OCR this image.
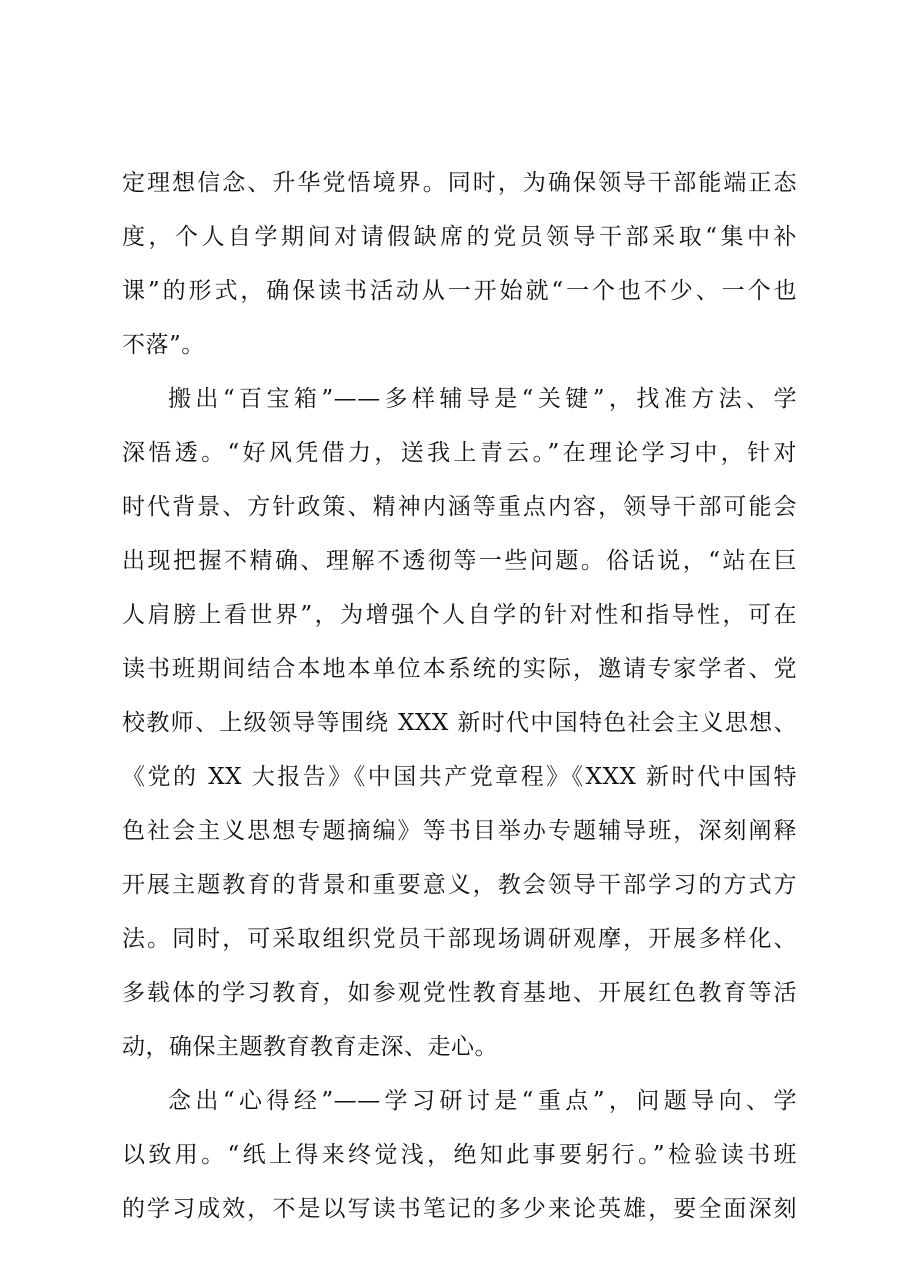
定理想信念、升华党悟境界。同时，为确保领导干部能端正态
度，个人自学期间对请假缺席的党员领导干部采取“集中补
课”的形式，确保读书活动从一开始就“一个也不少、一个也
不落”。
搬出“百宝箱”——多样辅导是“关键”，找准方法、学
深悟透。“好风凭借力，送我上青云。”在理论学习中，针对
时代背景、方针政策、精神内涵等重点内容，领导干部可能会
出现把握不精确、理解不透彻等一些问题。俗话说，“站在巨
人肩膀上看世界”，为增强个人自学的针对性和指导性，可在
读书班期间结合本地本单位本系统的实际，邀请专家学者、党
校教师、上级领导等围绕 XXX 新时代中国特色社会主义思想、
《党的 XX 大报告》《中国共产党章程》《XXX 新时代中国特
色社会主义思想专题摘编》等书目举办专题辅导班，深刻阐释
开展主题教育的背景和重要意义，教会领导干部学习的方式方
法。同时，可采取组织党员干部现场调研观摩，开展多样化、
多载体的学习教育，如参观党性教育基地、开展红色教育等活
动，确保主题教育教育走深、走心。
念出“心得经”——学习研讨是“重点”，问题导向、学
以致用。“纸上得来终觉浅，绝知此事要躬行。”检验读书班
的学习成效，不是以写读书笔记的多少来论英雄，要全面深刻
